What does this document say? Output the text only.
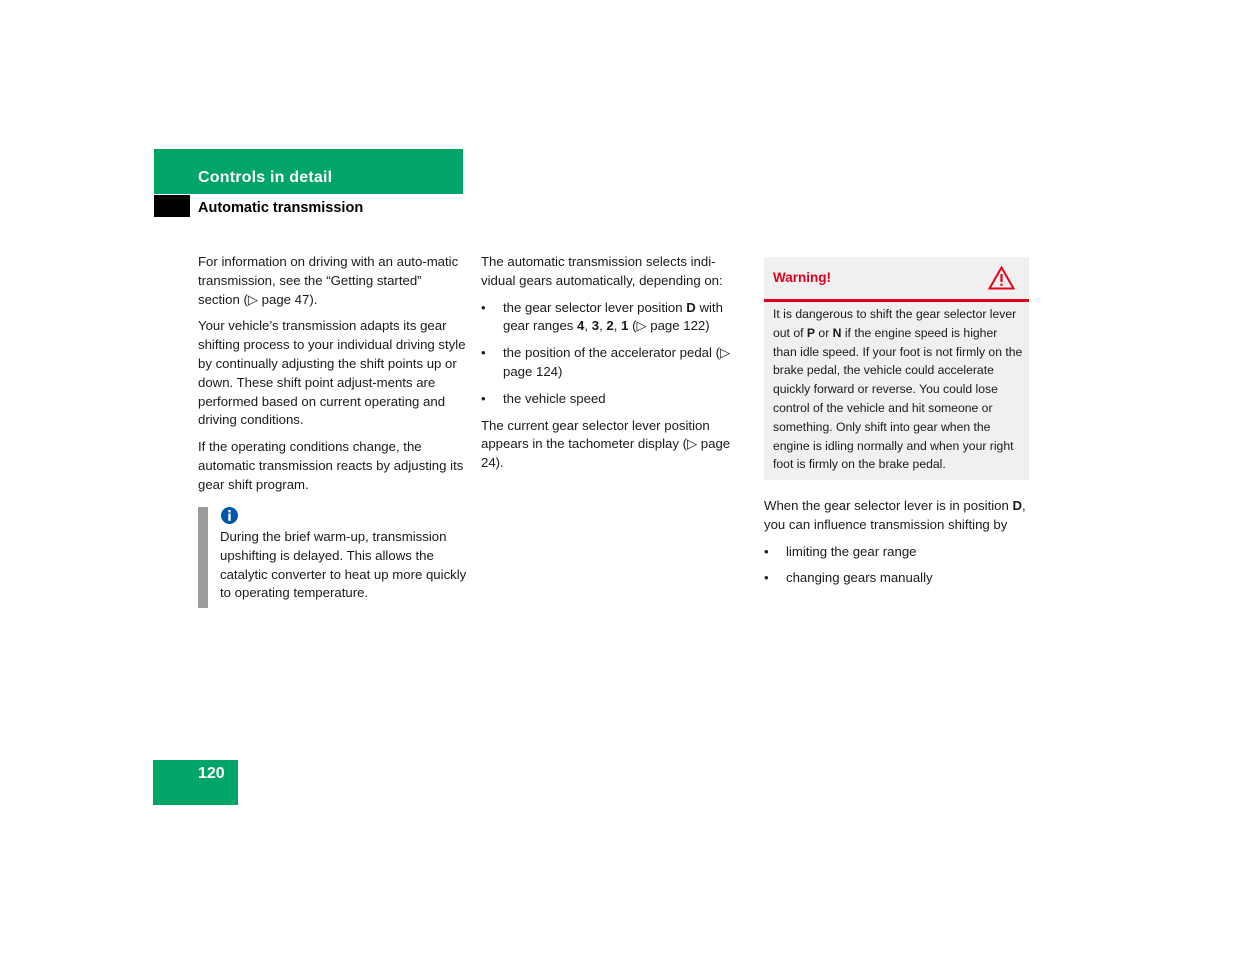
Controls in detail
Automatic transmission

For information on driving with an auto-matic transmission, see the “Getting started” section (▷ page 47).

Your vehicle’s transmission adapts its gear shifting process to your individual driving style by continually adjusting the shift points up or down. These shift point adjust-ments are performed based on current operating and driving conditions.

If the operating conditions change, the automatic transmission reacts by adjusting its gear shift program.

During the brief warm-up, transmission upshifting is delayed. This allows the catalytic converter to heat up more quickly to operating temperature.

The automatic transmission selects indi-vidual gears automatically, depending on:

• the gear selector lever position D with gear ranges 4, 3, 2, 1 (▷ page 122)
• the position of the accelerator pedal (▷ page 124)
• the vehicle speed

The current gear selector lever position appears in the tachometer display (▷ page 24).

Warning!
It is dangerous to shift the gear selector lever out of P or N if the engine speed is higher than idle speed. If your foot is not firmly on the brake pedal, the vehicle could accelerate quickly forward or reverse. You could lose control of the vehicle and hit someone or something. Only shift into gear when the engine is idling normally and when your right foot is firmly on the brake pedal.

When the gear selector lever is in position D, you can influence transmission shifting by

• limiting the gear range
• changing gears manually
120
